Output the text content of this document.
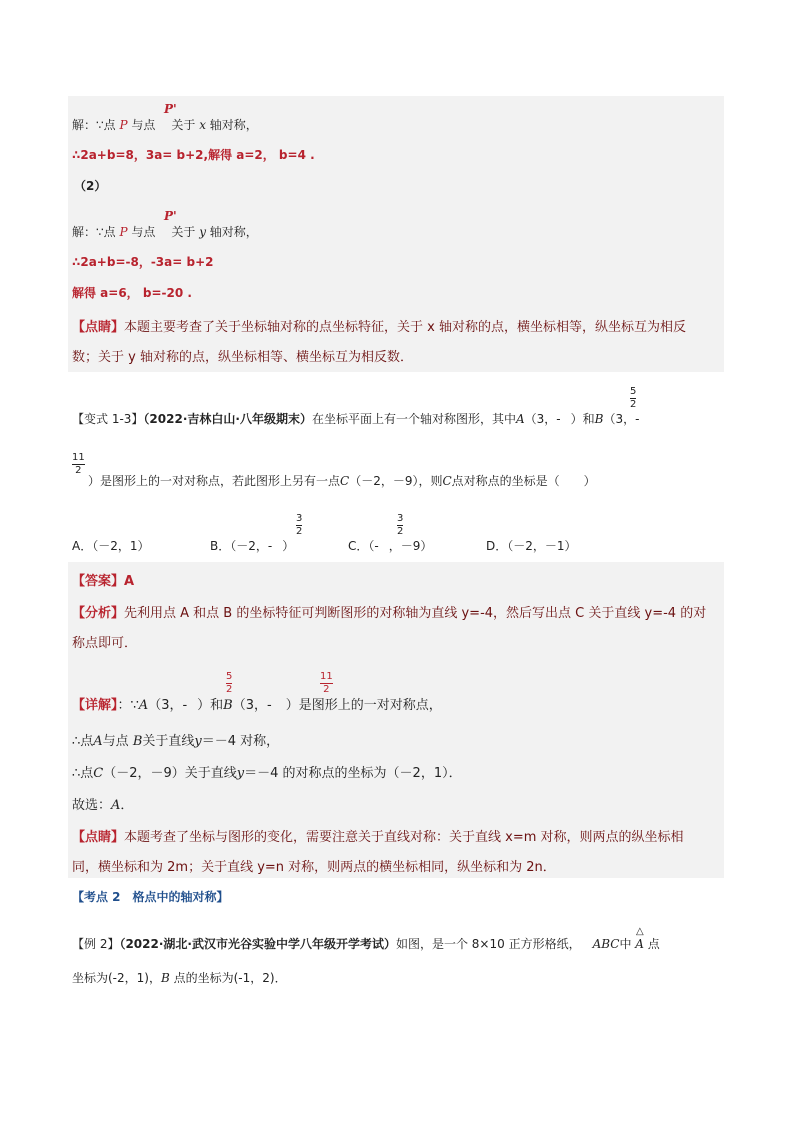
解：∵点 P 与点 关于 x 轴对称，
P'
∴2a+b=8，3a= b+2,解得 a=2， b=4 .
（2）
解：∵点 P 与点 关于 y 轴对称，
P'
∴2a+b=-8，-3a= b+2
解得 a=6， b=-20 .
【点睛】本题主要考查了关于坐标轴对称的点坐标特征，关于 x 轴对称的点，横坐标相等，纵坐标互为相反
数；关于 y 轴对称的点，纵坐标相等、横坐标互为相反数．
【变式 1-3】（2022·吉林白山·八年级期末）在坐标平面上有一个轴对称图形，其中A（3，- ）和B（3，-
5
2
11
2
）是图形上的一对对称点，若此图形上另有一点C（－2，－9），则C点对称点的坐标是（　　）
A．（－2，1）	B．（－2，- ）
3
2
C．（- ，－9）
3
2
D．（－2，－1）
【答案】A
【分析】先利用点 A 和点 B 的坐标特征可判断图形的对称轴为直线 y=-4，然后写出点 C 关于直线 y=-4 的对
称点即可．
【详解】：∵A（3，- ）和B（3，- ）是图形上的一对对称点，
5
2
11
2
∴点A与点 B关于直线y＝－4 对称，
∴点C（－2，－9）关于直线y＝－4 的对称点的坐标为（－2，1）．
故选：A．
【点睛】本题考查了坐标与图形的变化，需要注意关于直线对称：关于直线 x=m 对称，则两点的纵坐标相
同，横坐标和为 2m；关于直线 y=n 对称，则两点的横坐标相同，纵坐标和为 2n．
【考点 2　格点中的轴对称】
【例 2】（2022·湖北·武汉市光谷实验中学八年级开学考试）如图，是一个 8×10 正方形格纸， ABC中 A 点
△
坐标为(-2，1)，B 点的坐标为(-1，2)．
